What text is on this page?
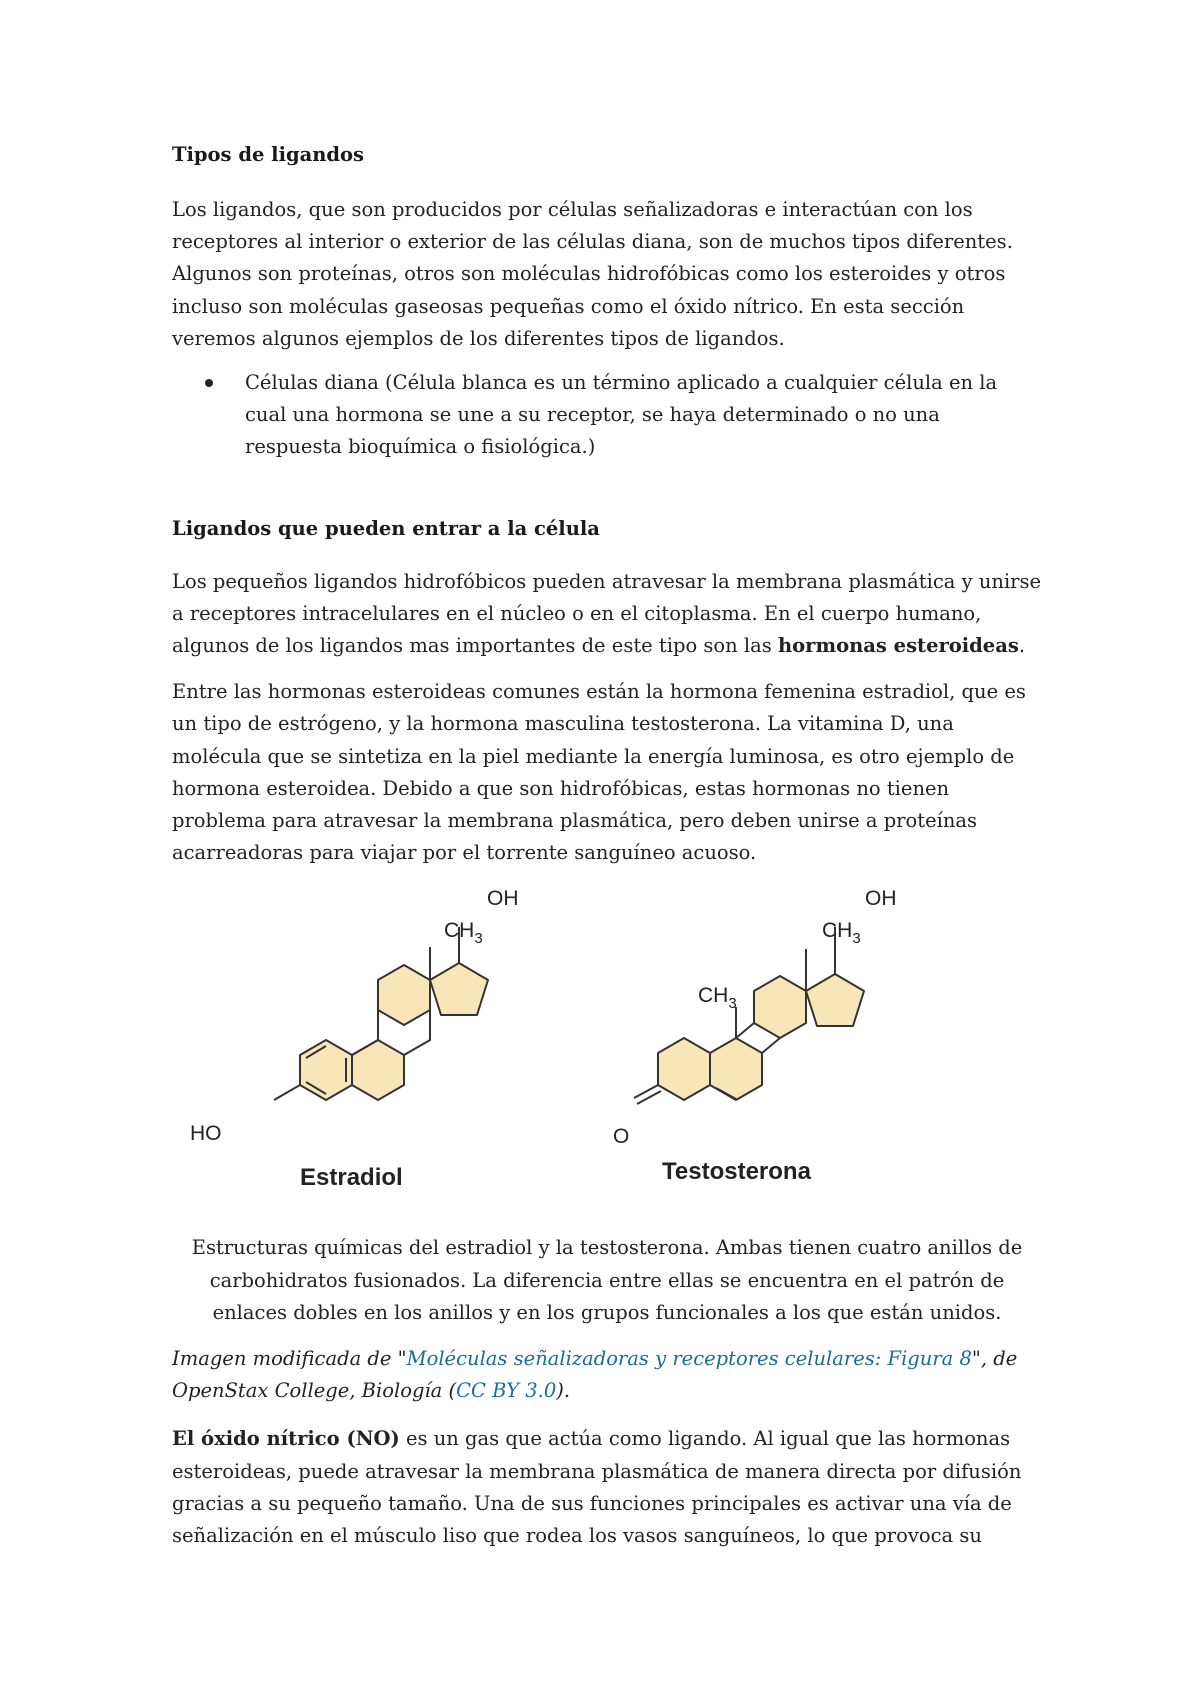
Tipos de ligandos

Los ligandos, que son producidos por células señalizadoras e interactúan con los receptores al interior o exterior de las células diana, son de muchos tipos diferentes. Algunos son proteínas, otros son moléculas hidrofóbicas como los esteroides y otros incluso son moléculas gaseosas pequeñas como el óxido nítrico. En esta sección veremos algunos ejemplos de los diferentes tipos de ligandos.

Células diana (Célula blanca es un término aplicado a cualquier célula en la cual una hormona se une a su receptor, se haya determinado o no una respuesta bioquímica o fisiológica.)
Ligandos que pueden entrar a la célula

Los pequeños ligandos hidrofóbicos pueden atravesar la membrana plasmática y unirse a receptores intracelulares en el núcleo o en el citoplasma. En el cuerpo humano, algunos de los ligandos mas importantes de este tipo son las hormonas esteroideas.

Entre las hormonas esteroideas comunes están la hormona femenina estradiol, que es un tipo de estrógeno, y la hormona masculina testosterona. La vitamina D, una molécula que se sintetiza en la piel mediante la energía luminosa, es otro ejemplo de hormona esteroidea. Debido a que son hidrofóbicas, estas hormonas no tienen problema para atravesar la membrana plasmática, pero deben unirse a proteínas acarreadoras para viajar por el torrente sanguíneo acuoso.

OH
$CH_3$
HO
Estradiol
OH
$CH_3$
$CH_3$
O
Testosterona

Estructuras químicas del estradiol y la testosterona. Ambas tienen cuatro anillos de carbohidratos fusionados. La diferencia entre ellas se encuentra en el patrón de enlaces dobles en los anillos y en los grupos funcionales a los que están unidos.

Imagen modificada de "Moléculas señalizadoras y receptores celulares: Figura 8", de OpenStax College, Biología (CC BY 3.0).

El óxido nítrico (NO) es un gas que actúa como ligando. Al igual que las hormonas esteroideas, puede atravesar la membrana plasmática de manera directa por difusión gracias a su pequeño tamaño. Una de sus funciones principales es activar una vía de señalización en el músculo liso que rodea los vasos sanguíneos, lo que provoca su
